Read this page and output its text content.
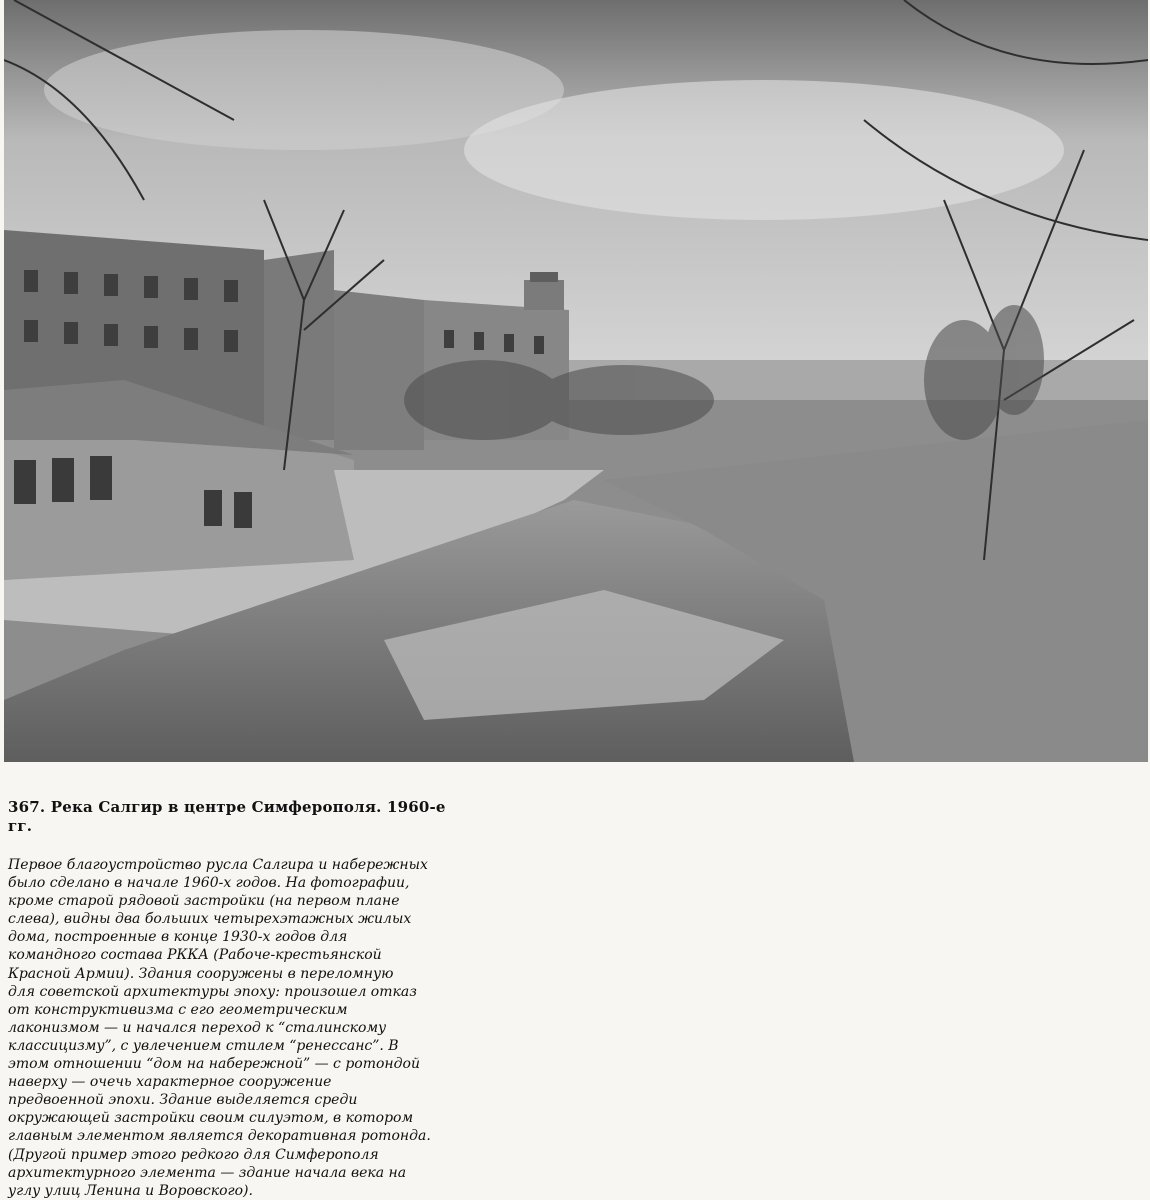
367. Река Салгир в центре Симферополя. 1960-е
гг.

Первое благоустройство русла Салгира и набережных
было сделано в начале 1960-х годов. На фотографии,
кроме старой рядовой застройки (на первом плане
слева), видны два больших четырехэтажных жилых
дома, построенные в конце 1930-х годов для
командного состава РККА (Рабоче-крестьянской
Красной Армии). Здания сооружены в переломную
для советской архитектуры эпоху: произошел отказ
от конструктивизма с его геометрическим
лаконизмом — и начался переход к “сталинскому
классицизму”, с увлечением стилем “ренессанс”. В
этом отношении “дом на набережной” — с ротондой
наверху — очечь характерное сооружение
предвоенной эпохи. Здание выделяется среди
окружающей застройки своим силуэтом, в котором
главным элементом является декоративная ротонда.
(Другой пример этого редкого для Симферополя
архитектурного элемента — здание начала века на
углу улиц Ленина и Воровского).
